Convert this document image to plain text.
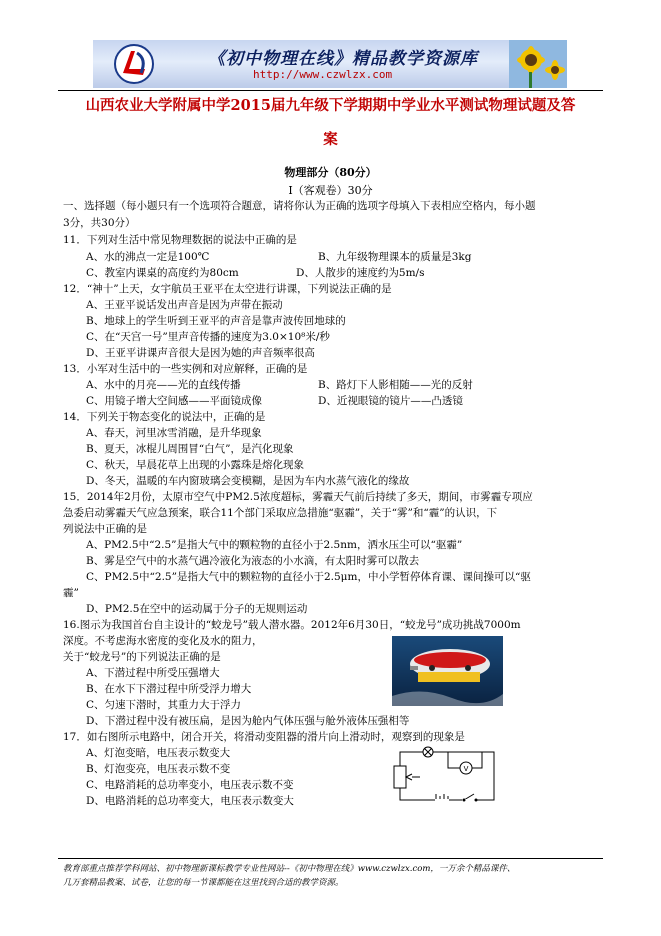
《初中物理在线》精品教学资源库
http://www.czwlzx.com
山西农业大学附属中学2015届九年级下学期期中学业水平测试物理试题及答
案
物理部分（80分）
Ⅰ（客观卷）30分
一、选择题（每小题只有一个选项符合题意，请将你认为正确的选项字母填入下表相应空格内，每小题
3分，共30分）
11．下列对生活中常见物理数据的说法中正确的是
A、水的沸点一定是100℃	B、九年级物理课本的质量是3kg
C、教室内课桌的高度约为80cm	D、人散步的速度约为5m/s
12．“神十”上天，女宇航员王亚平在太空进行讲课，下列说法正确的是
A、王亚平说话发出声音是因为声带在振动
B、地球上的学生听到王亚平的声音是靠声波传回地球的
C、在“天宫一号”里声音传播的速度为3.0×10⁸米/秒
D、王亚平讲课声音很大是因为她的声音频率很高
13．小军对生活中的一些实例和对应解释，正确的是
A、水中的月亮——光的直线传播	B、路灯下人影相随——光的反射
C、用镜子增大空间感——平面镜成像	D、近视眼镜的镜片——凸透镜
14．下列关于物态变化的说法中，正确的是
A、春天，河里冰雪消融，是升华现象
B、夏天，冰棍儿周围冒“白气”，是汽化现象
C、秋天，早晨花草上出现的小露珠是熔化现象
D、冬天，温暖的车内窗玻璃会变模糊，是因为车内水蒸气液化的缘故
15．2014年2月份，太原市空气中PM2.5浓度超标，雾霾天气前后持续了多天，期间，市雾霾专项应
急委启动雾霾天气应急预案，联合11个部门采取应急措施“驱霾”，关于“雾”和“霾”的认识，下
列说法中正确的是
A、PM2.5中“2.5”是指大气中的颗粒物的直径小于2.5nm，洒水压尘可以“驱霾”
B、雾是空气中的水蒸气遇冷液化为液态的小水滴，有太阳时雾可以散去
C、PM2.5中“2.5”是指大气中的颗粒物的直径小于2.5μm，中小学暂停体育课、课间操可以“驱
霾”
D、PM2.5在空中的运动属于分子的无规则运动
16.图示为我国首台自主设计的“蛟龙号”载人潜水器。2012年6月30日，“蛟龙号”成功挑战7000m
深度。不考虑海水密度的变化及水的阻力，
关于“蛟龙号”的下列说法正确的是
A、下潜过程中所受压强增大
B、在水下下潜过程中所受浮力增大
C、匀速下潜时，其重力大于浮力
D、下潜过程中没有被压扁，是因为舱内气体压强与舱外液体压强相等
17．如右图所示电路中，闭合开关，将滑动变阻器的滑片向上滑动时，观察到的现象是
A、灯泡变暗，电压表示数变大
B、灯泡变亮，电压表示数不变
C、电路消耗的总功率变小，电压表示数不变
D、电路消耗的总功率变大，电压表示数变大
V
教育部重点推荐学科网站、初中物理新课标教学专业性网站--《初中物理在线》www.czwlzx.com，一万余个精品课件、
几万套精品教案、试卷，让您的每一节课都能在这里找到合适的教学资源。
